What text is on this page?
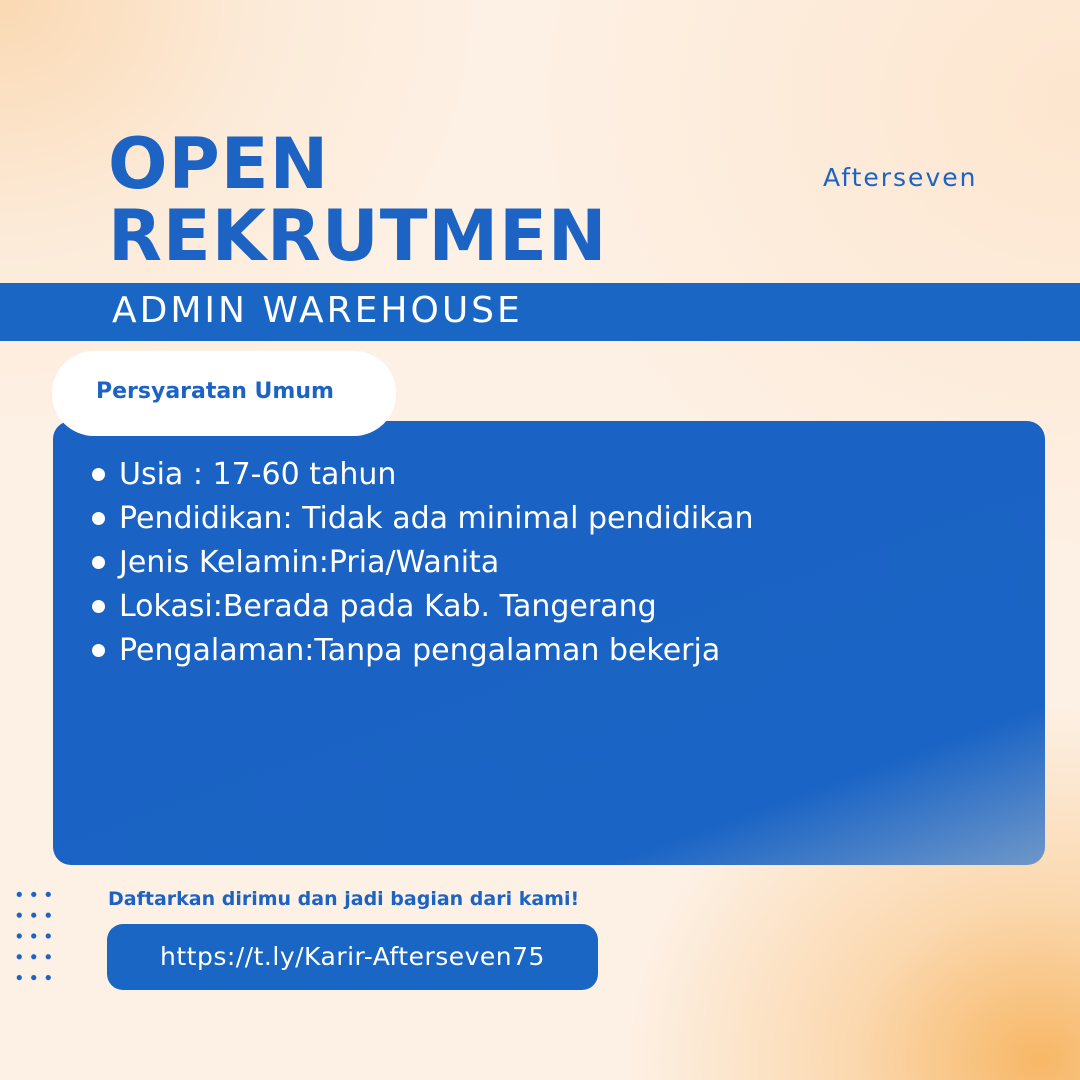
OPEN
REKRUTMEN
Afterseven
ADMIN WAREHOUSE
Persyaratan Umum
Usia : 17-60 tahun
Pendidikan: Tidak ada minimal pendidikan
Jenis Kelamin:Pria/Wanita
Lokasi:Berada pada Kab. Tangerang
Pengalaman:Tanpa pengalaman bekerja
Daftarkan dirimu dan jadi bagian dari kami!
https://t.ly/Karir-Afterseven75
